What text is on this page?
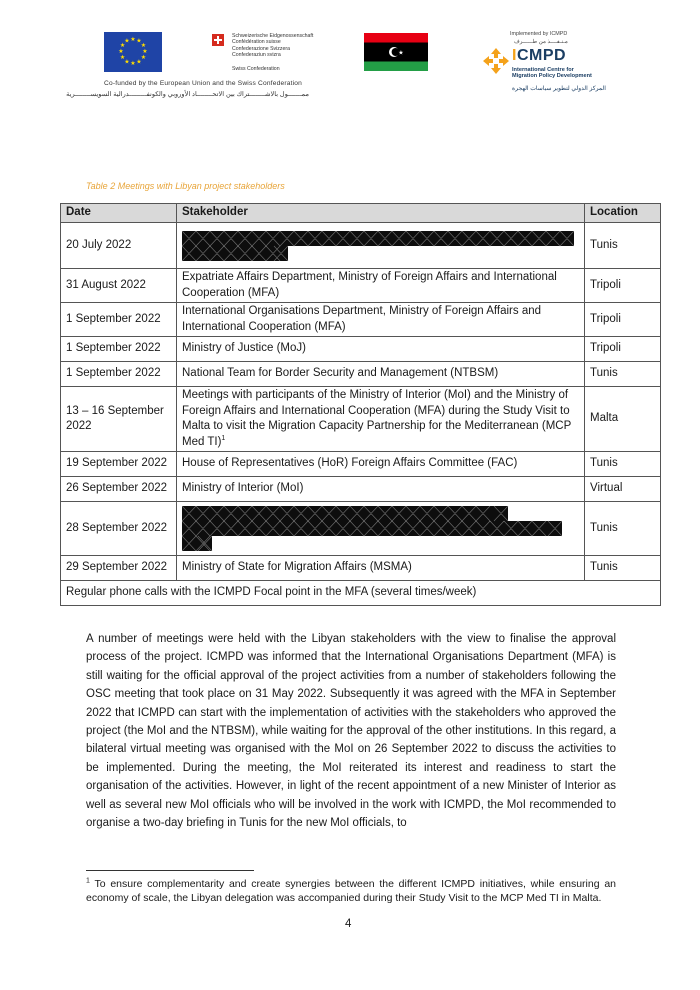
★ ★
★
★
★
★
★
★
★
★
★
★
Schweizerische Eidgenossenschaft
Confédération suisse
Confederazione Svizzera
Confederaziun svizra
Swiss Confederation
Co-funded by the European Union and the Swiss Confederation
ممـــــــول بالاشــــــــتراك بين الاتحــــــــاد الأوروبي والكونفـــــــــدرالية السويســــــــرية
★
Implemented by ICMPD
مـنـفــــذ من طــــــرف
ICMPD
International Centre for
Migration Policy Development
المركز الدولي لتطوير سياسات الهجرة
Table 2 Meetings with Libyan project stakeholders
Date	Stakeholder	Location
20 July 2022		Tunis
31 August 2022	Expatriate Affairs Department, Ministry of Foreign Affairs and International Cooperation (MFA)	Tripoli
1 September 2022	International Organisations Department, Ministry of Foreign Affairs and International Cooperation (MFA)	Tripoli
1 September 2022	Ministry of Justice (MoJ)	Tripoli
1 September 2022	National Team for Border Security and Management (NTBSM)	Tunis
13 – 16 September 2022	Meetings with participants of the Ministry of Interior (MoI) and the Ministry of Foreign Affairs and International Cooperation (MFA) during the Study Visit to Malta to visit the Migration Capacity Partnership for the Mediterranean (MCP Med TI)$^1$	Malta
19 September 2022	House of Representatives (HoR) Foreign Affairs Committee (FAC)	Tunis
26 September 2022	Ministry of Interior (MoI)	Virtual
28 September 2022		Tunis
29 September 2022	Ministry of State for Migration Affairs (MSMA)	Tunis
Regular phone calls with the ICMPD Focal point in the MFA (several times/week)		
A number of meetings were held with the Libyan stakeholders with the view to finalise the approval process of the project. ICMPD was informed that the International Organisations Department (MFA) is still waiting for the official approval of the project activities from a number of stakeholders following the OSC meeting that took place on 31 May 2022. Subsequently it was agreed with the MFA in September 2022 that ICMPD can start with the implementation of activities with the stakeholders who approved the project (the MoI and the NTBSM), while waiting for the approval of the other institutions. In this regard, a bilateral virtual meeting was organised with the MoI on 26 September 2022 to discuss the activities to be implemented. During the meeting, the MoI reiterated its interest and readiness to start the organisation of the activities. However, in light of the recent appointment of a new Minister of Interior as well as several new MoI officials who will be involved in the work with ICMPD, the MoI recommended to organise a two-day briefing in Tunis for the new MoI officials, to
$^1$ To ensure complementarity and create synergies between the different ICMPD initiatives, while ensuring an economy of scale, the Libyan delegation was accompanied during their Study Visit to the MCP Med TI in Malta.
4
